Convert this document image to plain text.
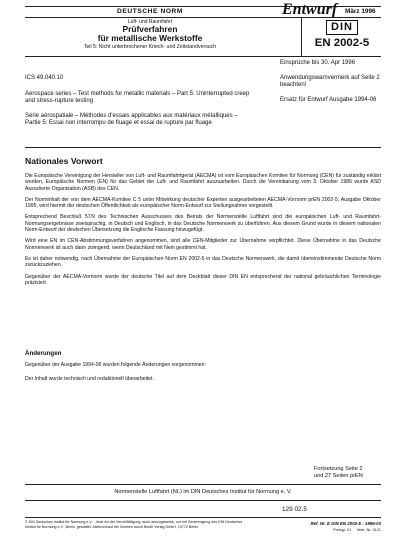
DEUTSCHE NORM	Entwurf März 1996
Luft- und Raumfahrt
Prüfverfahren
für metallische Werkstoffe
Teil 5: Nicht unterbrochener Kriech- und Zeitstandversuch
DIN
EN 2002-5
Einsprüche bis 30. Apr 1996
ICS 49.040.10	Anwendungswarnvermerk auf Seite 2 beachten!
Aerospace series – Test methods for metallic materials – Part 5: Uninterrupted creep and stress-rupture testing	Ersatz für Entwurf Ausgabe 1994-06
Série aérospatiale – Méthodes d'essais applicables aux matériaux métalliques – Partie 5: Essai non interrompu de fluage et essai de rupture par fluage
Nationales Vorwort

Die Europäische Vereinigung der Hersteller von Luft- und Raumfahrtgerät (AECMA) ist vom Europäischen Komitee für Normung (CEN) für zuständig erklärt worden, Europäische Normen (EN) für das Gebiet der Luft- und Raumfahrt auszuarbeiten. Durch die Vereinbarung vom 3. Oktober 1986 wurde ASD Assoziierte Organisation (ASB) des CEN.

Der Norminhalt der von dem AECMA-Komitee C 5 unter Mitwirkung deutscher Experten ausgearbeiteten AECMA-Vornorm prEN 2002-5, Ausgabe Oktober 1995, wird hiermit der deutschen Öffentlichkeit als europäischer Norm-Entwurf zur Stellungnahme vorgestellt.

Entsprechend Beschluß 57/9 des Technischen Ausschusses des Beirats der Normenstelle Luftfahrt sind die europäischen Luft- und Raumfahrt-Normungsergebnisse zweisprachig, in Deutsch und Englisch, in das Deutsche Normenwerk zu überführen. Aus diesem Grund wurde in diesem nationalen Norm-Entwurf der deutschen Übersetzung die Englische Fassung hinzugefügt.

Wird eine EN im CEN-Abstimmungsverfahren angenommen, sind alle CEN-Mitglieder zur Übernahme verpflichtet. Diese Übernahme in das Deutsche Normenwerk ist auch dann zwingend, wenn Deutschland mit Nein gestimmt hat.

Es ist daher notwendig, nach Übernahme der Europäischen Norm EN 2002-5 in das Deutsche Normenwerk, die damit übereinstimmende Deutsche Norm zurückzuziehen.

Gegenüber der AECMA-Vornorm wurde der deutsche Titel auf dem Deckblatt dieser DIN EN entsprechend der national gebräuchlichen Terminologie präzisiert.

Änderungen
Gegenüber der Ausgabe 1994-06 wurden folgende Änderungen vorgenommen:
Der Inhalt wurde technisch und redaktionell überarbeitet.
Fortsetzung Seite 2
und 27 Seiten prEN
Normenstelle Luftfahrt (NL) im DIN Deutsches Institut für Normung e. V.
129 02.5
© DIN Deutsches Institut für Normung e.V. · Jede Art der Vervielfältigung, auch auszugsweise, nur mit Genehmigung des DIN Deutsches Institut für Normung e.V., Berlin, gestattet. Alleinverkauf der Normen durch Beuth Verlag GmbH, 10772 Berlin
Ref. Nr. E DIN EN 2002-5 : 1996-03
Preisgr. 21     Vertr.-Nr. 3121
